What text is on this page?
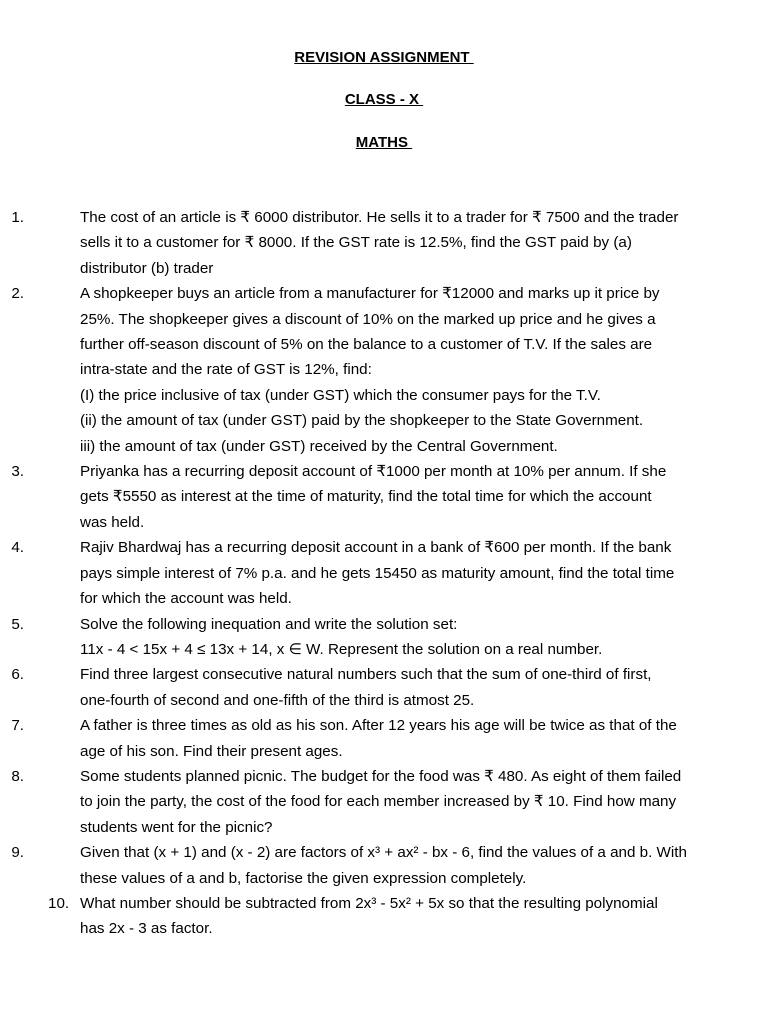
REVISION ASSIGNMENT
CLASS - X
MATHS
1.	The cost of an article is ₹ 6000 distributor. He sells it to a trader for ₹ 7500 and the trader
sells it to a customer for ₹ 8000. If the GST rate is 12.5%, find the GST paid by (a)
distributor (b) trader
2.	A shopkeeper buys an article from a manufacturer for ₹12000 and marks up it price by
25%. The shopkeeper gives a discount of 10% on the marked up price and he gives a
further off-season discount of 5% on the balance to a customer of T.V. If the sales are
intra-state and the rate of GST is 12%, find:
(I) the price inclusive of tax (under GST) which the consumer pays for the T.V.
(ii) the amount of tax (under GST) paid by the shopkeeper to the State Government.
iii) the amount of tax (under GST) received by the Central Government.
3.	Priyanka has a recurring deposit account of ₹1000 per month at 10% per annum. If she
gets ₹5550 as interest at the time of maturity, find the total time for which the account
was held.
4.	Rajiv Bhardwaj has a recurring deposit account in a bank of ₹600 per month. If the bank
pays simple interest of 7% p.a. and he gets 15450 as maturity amount, find the total time
for which the account was held.
5.	Solve the following inequation and write the solution set:
11x - 4 < 15x + 4 ≤ 13x + 14, x ∈ W. Represent the solution on a real number.
6.	Find three largest consecutive natural numbers such that the sum of one-third of first,
one-fourth of second and one-fifth of the third is atmost 25.
7.	A father is three times as old as his son. After 12 years his age will be twice as that of the
age of his son. Find their present ages.
8.	Some students planned picnic. The budget for the food was ₹ 480. As eight of them failed
to join the party, the cost of the food for each member increased by ₹ 10. Find how many
students went for the picnic?
9.	Given that (x + 1) and (x - 2) are factors of x³ + ax² - bx - 6, find the values of a and b. With
these values of a and b, factorise the given expression completely.
10. What number should be subtracted from 2x³ - 5x² + 5x so that the resulting polynomial
has 2x - 3 as factor.
